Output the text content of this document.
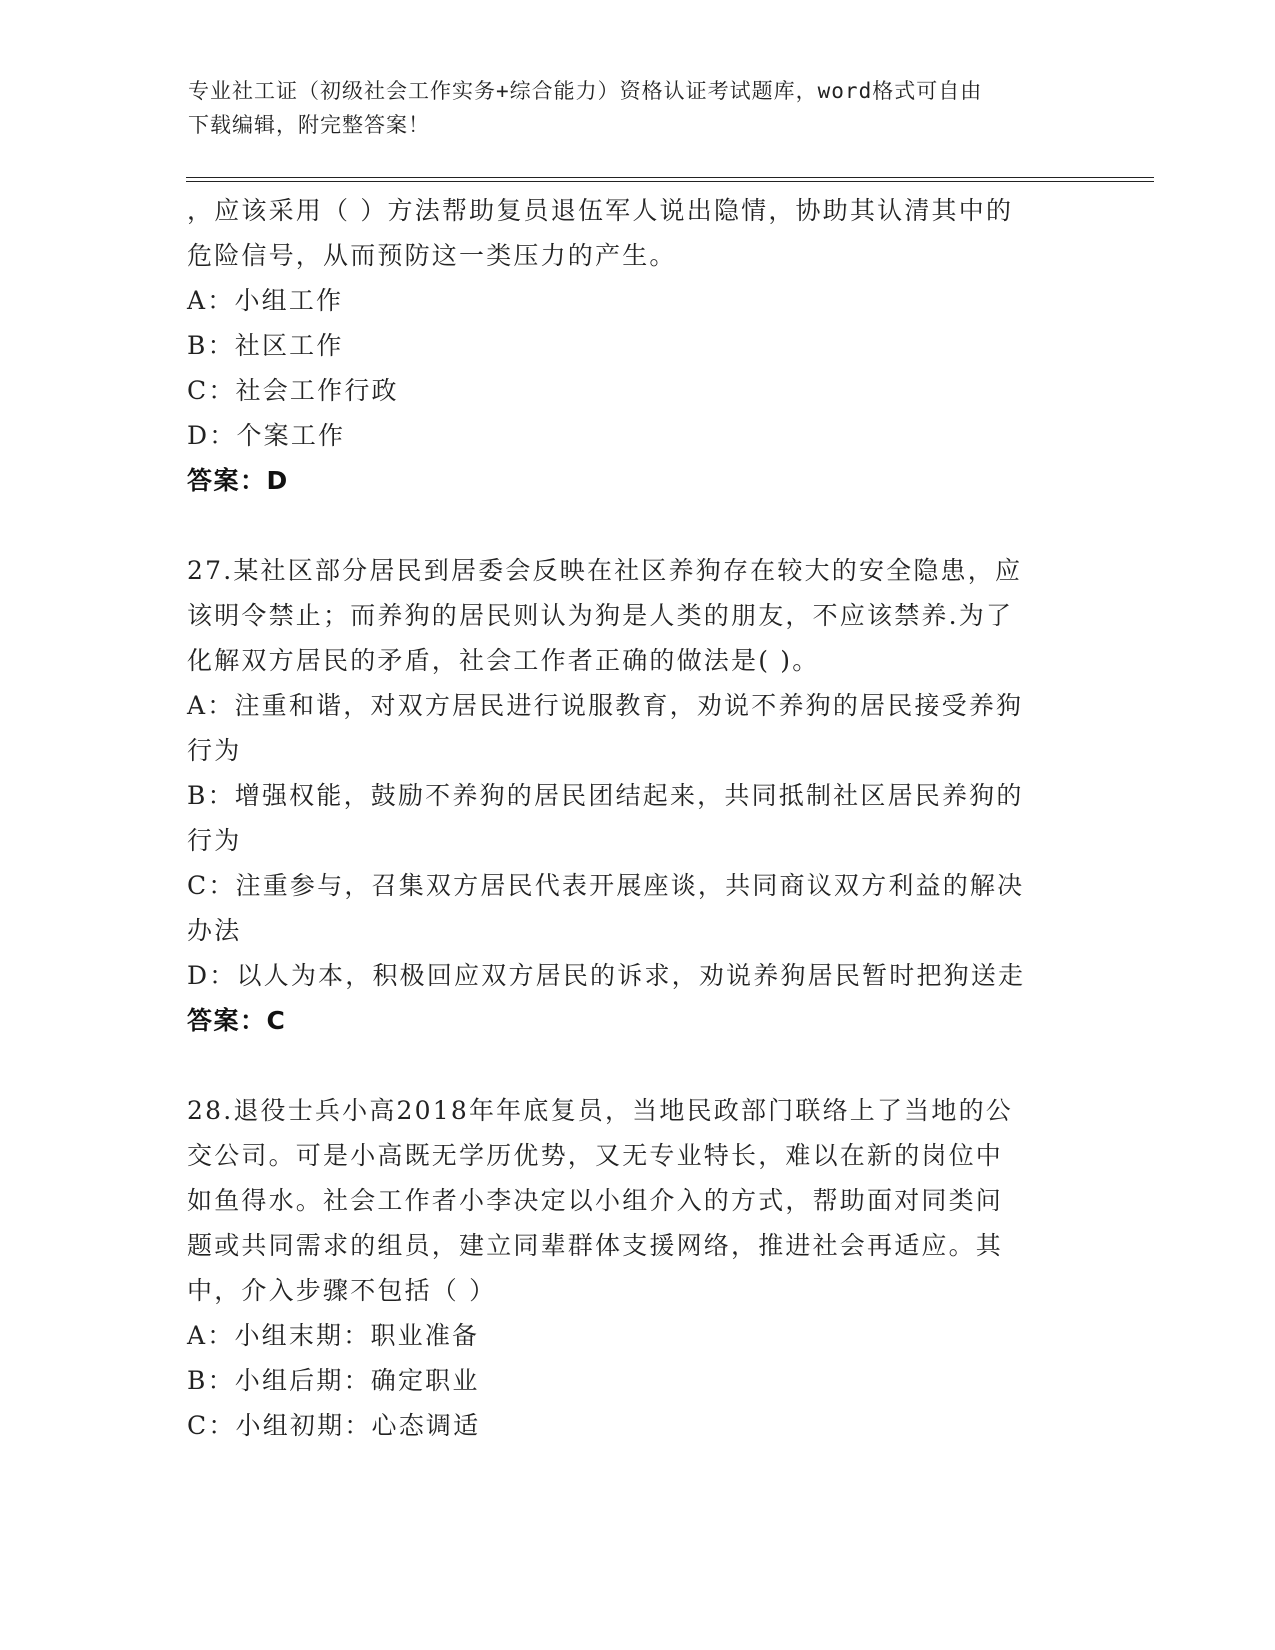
专业社工证（初级社会工作实务+综合能力）资格认证考试题库，word格式可自由
下载编辑，附完整答案！
，应该采用（ ）方法帮助复员退伍军人说出隐情，协助其认清其中的
危险信号，从而预防这一类压力的产生。
A：小组工作
B：社区工作
C：社会工作行政
D：个案工作
答案：D
27.某社区部分居民到居委会反映在社区养狗存在较大的安全隐患，应
该明令禁止；而养狗的居民则认为狗是人类的朋友，不应该禁养.为了
化解双方居民的矛盾，社会工作者正确的做法是( )。
A：注重和谐，对双方居民进行说服教育，劝说不养狗的居民接受养狗
行为
B：增强权能，鼓励不养狗的居民团结起来，共同抵制社区居民养狗的
行为
C：注重参与，召集双方居民代表开展座谈，共同商议双方利益的解决
办法
D：以人为本，积极回应双方居民的诉求，劝说养狗居民暂时把狗送走
答案：C
28.退役士兵小高2018年年底复员，当地民政部门联络上了当地的公
交公司。可是小高既无学历优势，又无专业特长，难以在新的岗位中
如鱼得水。社会工作者小李决定以小组介入的方式，帮助面对同类问
题或共同需求的组员，建立同辈群体支援网络，推进社会再适应。其
中，介入步骤不包括（ ）
A：小组末期：职业准备
B：小组后期：确定职业
C：小组初期：心态调适
